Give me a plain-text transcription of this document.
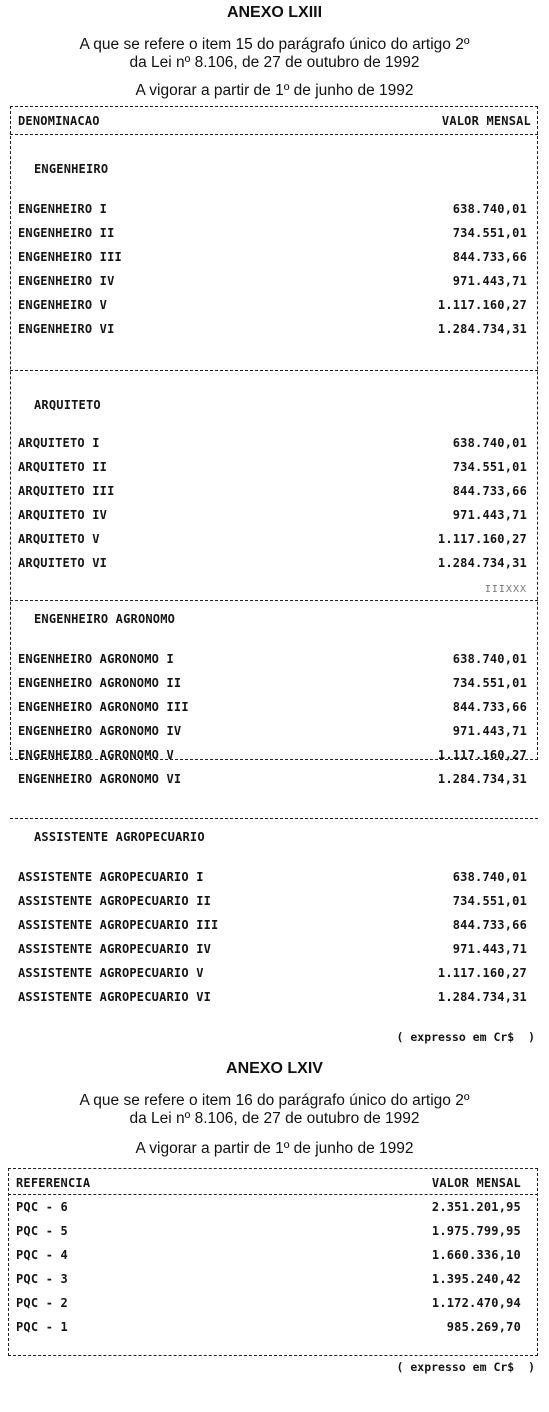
ANEXO LXIII
A que se refere o item 15 do parágrafo único do artigo 2º
da Lei nº 8.106, de 27 de outubro de 1992
A vigorar a partir de 1º de junho de 1992
DENOMINACAO	VALOR MENSAL
ENGENHEIRO
ENGENHEIRO I	638.740,01
ENGENHEIRO II	734.551,01
ENGENHEIRO III	844.733,66
ENGENHEIRO IV	971.443,71
ENGENHEIRO V	1.117.160,27
ENGENHEIRO VI	1.284.734,31
ARQUITETO
ARQUITETO I	638.740,01
ARQUITETO II	734.551,01
ARQUITETO III	844.733,66
ARQUITETO IV	971.443,71
ARQUITETO V	1.117.160,27
ARQUITETO VI	1.284.734,31
IIIXXX
ENGENHEIRO AGRONOMO
ENGENHEIRO AGRONOMO I	638.740,01
ENGENHEIRO AGRONOMO II	734.551,01
ENGENHEIRO AGRONOMO III	844.733,66
ENGENHEIRO AGRONOMO IV	971.443,71
ENGENHEIRO AGRONOMO V	1.117.160,27
ENGENHEIRO AGRONOMO VI	1.284.734,31
ASSISTENTE AGROPECUARIO
ASSISTENTE AGROPECUARIO I	638.740,01
ASSISTENTE AGROPECUARIO II	734.551,01
ASSISTENTE AGROPECUARIO III	844.733,66
ASSISTENTE AGROPECUARIO IV	971.443,71
ASSISTENTE AGROPECUARIO V	1.117.160,27
ASSISTENTE AGROPECUARIO VI	1.284.734,31
( expresso em Cr$  )
ANEXO LXIV
A que se refere o item 16 do parágrafo único do artigo 2º
da Lei nº 8.106, de 27 de outubro de 1992
A vigorar a partir de 1º de junho de 1992
REFERENCIA	VALOR MENSAL
PQC - 6	2.351.201,95
PQC - 5	1.975.799,95
PQC - 4	1.660.336,10
PQC - 3	1.395.240,42
PQC - 2	1.172.470,94
PQC - 1	985.269,70
( expresso em Cr$  )
